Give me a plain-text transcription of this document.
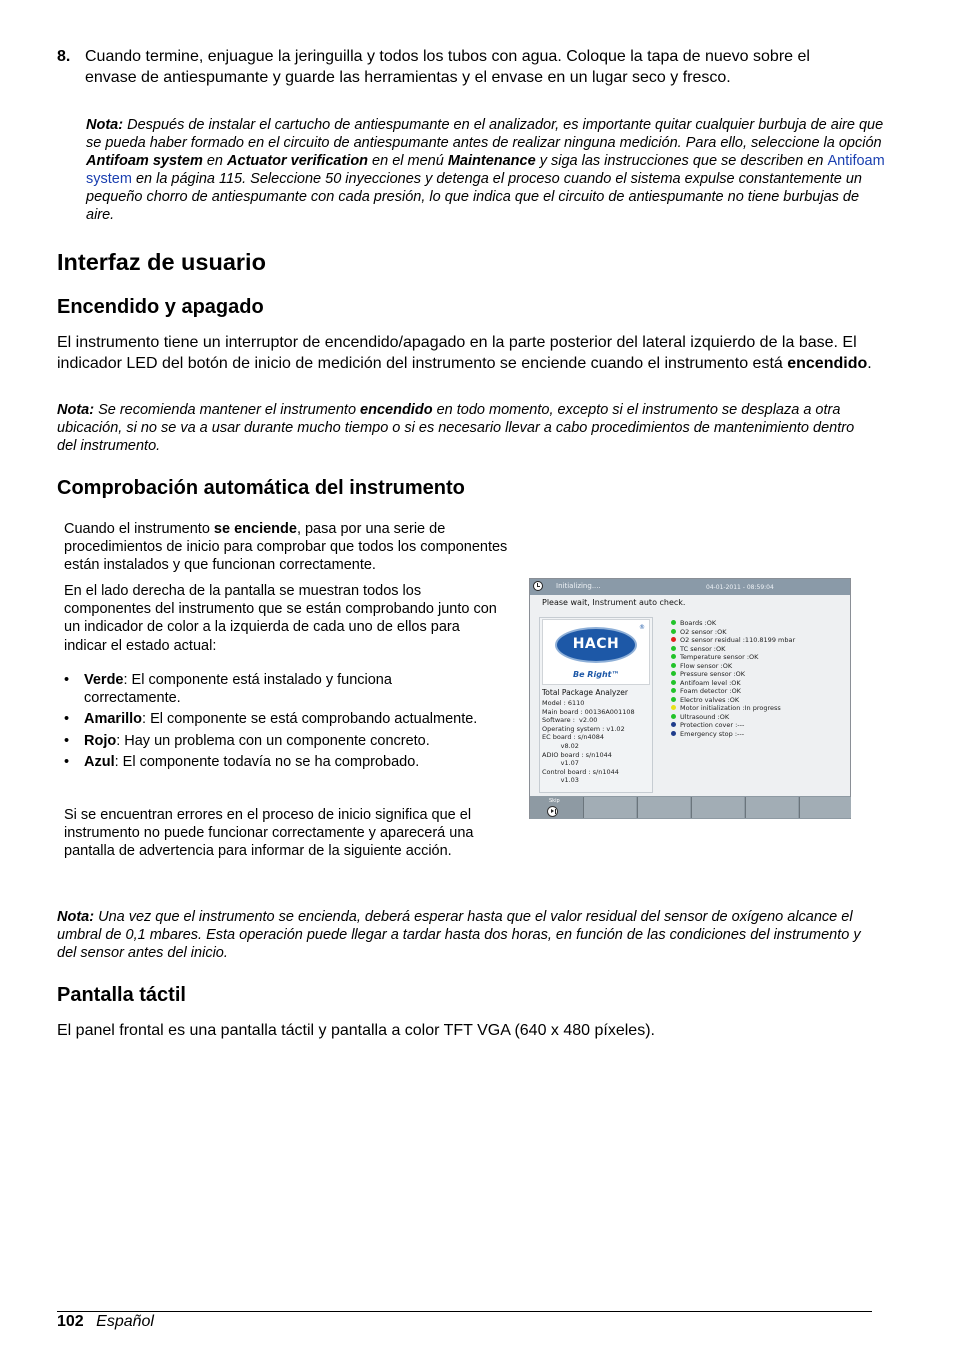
8. Cuando termine, enjuague la jeringuilla y todos los tubos con agua. Coloque la tapa de nuevo sobre el envase de antiespumante y guarde las herramientas y el envase en un lugar seco y fresco.
Nota: Después de instalar el cartucho de antiespumante en el analizador, es importante quitar cualquier burbuja de aire que se pueda haber formado en el circuito de antiespumante antes de realizar ninguna medición. Para ello, seleccione la opción Antifoam system en Actuator verification en el menú Maintenance y siga las instrucciones que se describen en Antifoam system en la página 115. Seleccione 50 inyecciones y detenga el proceso cuando el sistema expulse constantemente un pequeño chorro de antiespumante con cada presión, lo que indica que el circuito de antiespumante no tiene burbujas de aire.
Interfaz de usuario
Encendido y apagado
El instrumento tiene un interruptor de encendido/apagado en la parte posterior del lateral izquierdo de la base. El indicador LED del botón de inicio de medición del instrumento se enciende cuando el instrumento está encendido.
Nota: Se recomienda mantener el instrumento encendido en todo momento, excepto si el instrumento se desplaza a otra ubicación, si no se va a usar durante mucho tiempo o si es necesario llevar a cabo procedimientos de mantenimiento dentro del instrumento.
Comprobación automática del instrumento
Cuando el instrumento se enciende, pasa por una serie de procedimientos de inicio para comprobar que todos los componentes están instalados y que funcionan correctamente.
En el lado derecha de la pantalla se muestran todos los componentes del instrumento que se están comprobando junto con un indicador de color a la izquierda de cada uno de ellos para indicar el estado actual:
• Verde: El componente está instalado y funciona correctamente.
• Amarillo: El componente se está comprobando actualmente.
• Rojo: Hay un problema con un componente concreto.
• Azul: El componente todavía no se ha comprobado.
Si se encuentran errores en el proceso de inicio significa que el instrumento no puede funcionar correctamente y aparecerá una pantalla de advertencia para informar de la siguiente acción.
Initializing....	04-01-2011 - 08:59:04
Please wait, Instrument auto check.
HACH
®
Be Right™
Total Package Analyzer
Model : 6110
Main board : 00136A001108
Software :  v2.00
Operating system : v1.02
EC board : s/n4084
v8.02
ADIO board : s/n1044
v1.07
Control board : s/n1044
v1.03
Boards :OK
O2 sensor :OK
O2 sensor residual :110.8199 mbar
TC sensor :OK
Temperature sensor :OK
Flow sensor :OK
Pressure sensor :OK
Antifoam level :OK
Foam detector :OK
Electro valves :OK
Motor initialization :In progress
Ultrasound :OK
Protection cover :---
Emergency stop :---
Skip
Nota: Una vez que el instrumento se encienda, deberá esperar hasta que el valor residual del sensor de oxígeno alcance el umbral de 0,1 mbares. Esta operación puede llegar a tardar hasta dos horas, en función de las condiciones del instrumento y del sensor antes del inicio.
Pantalla táctil
El panel frontal es una pantalla táctil y pantalla a color TFT VGA (640 x 480 píxeles).
102 Español
